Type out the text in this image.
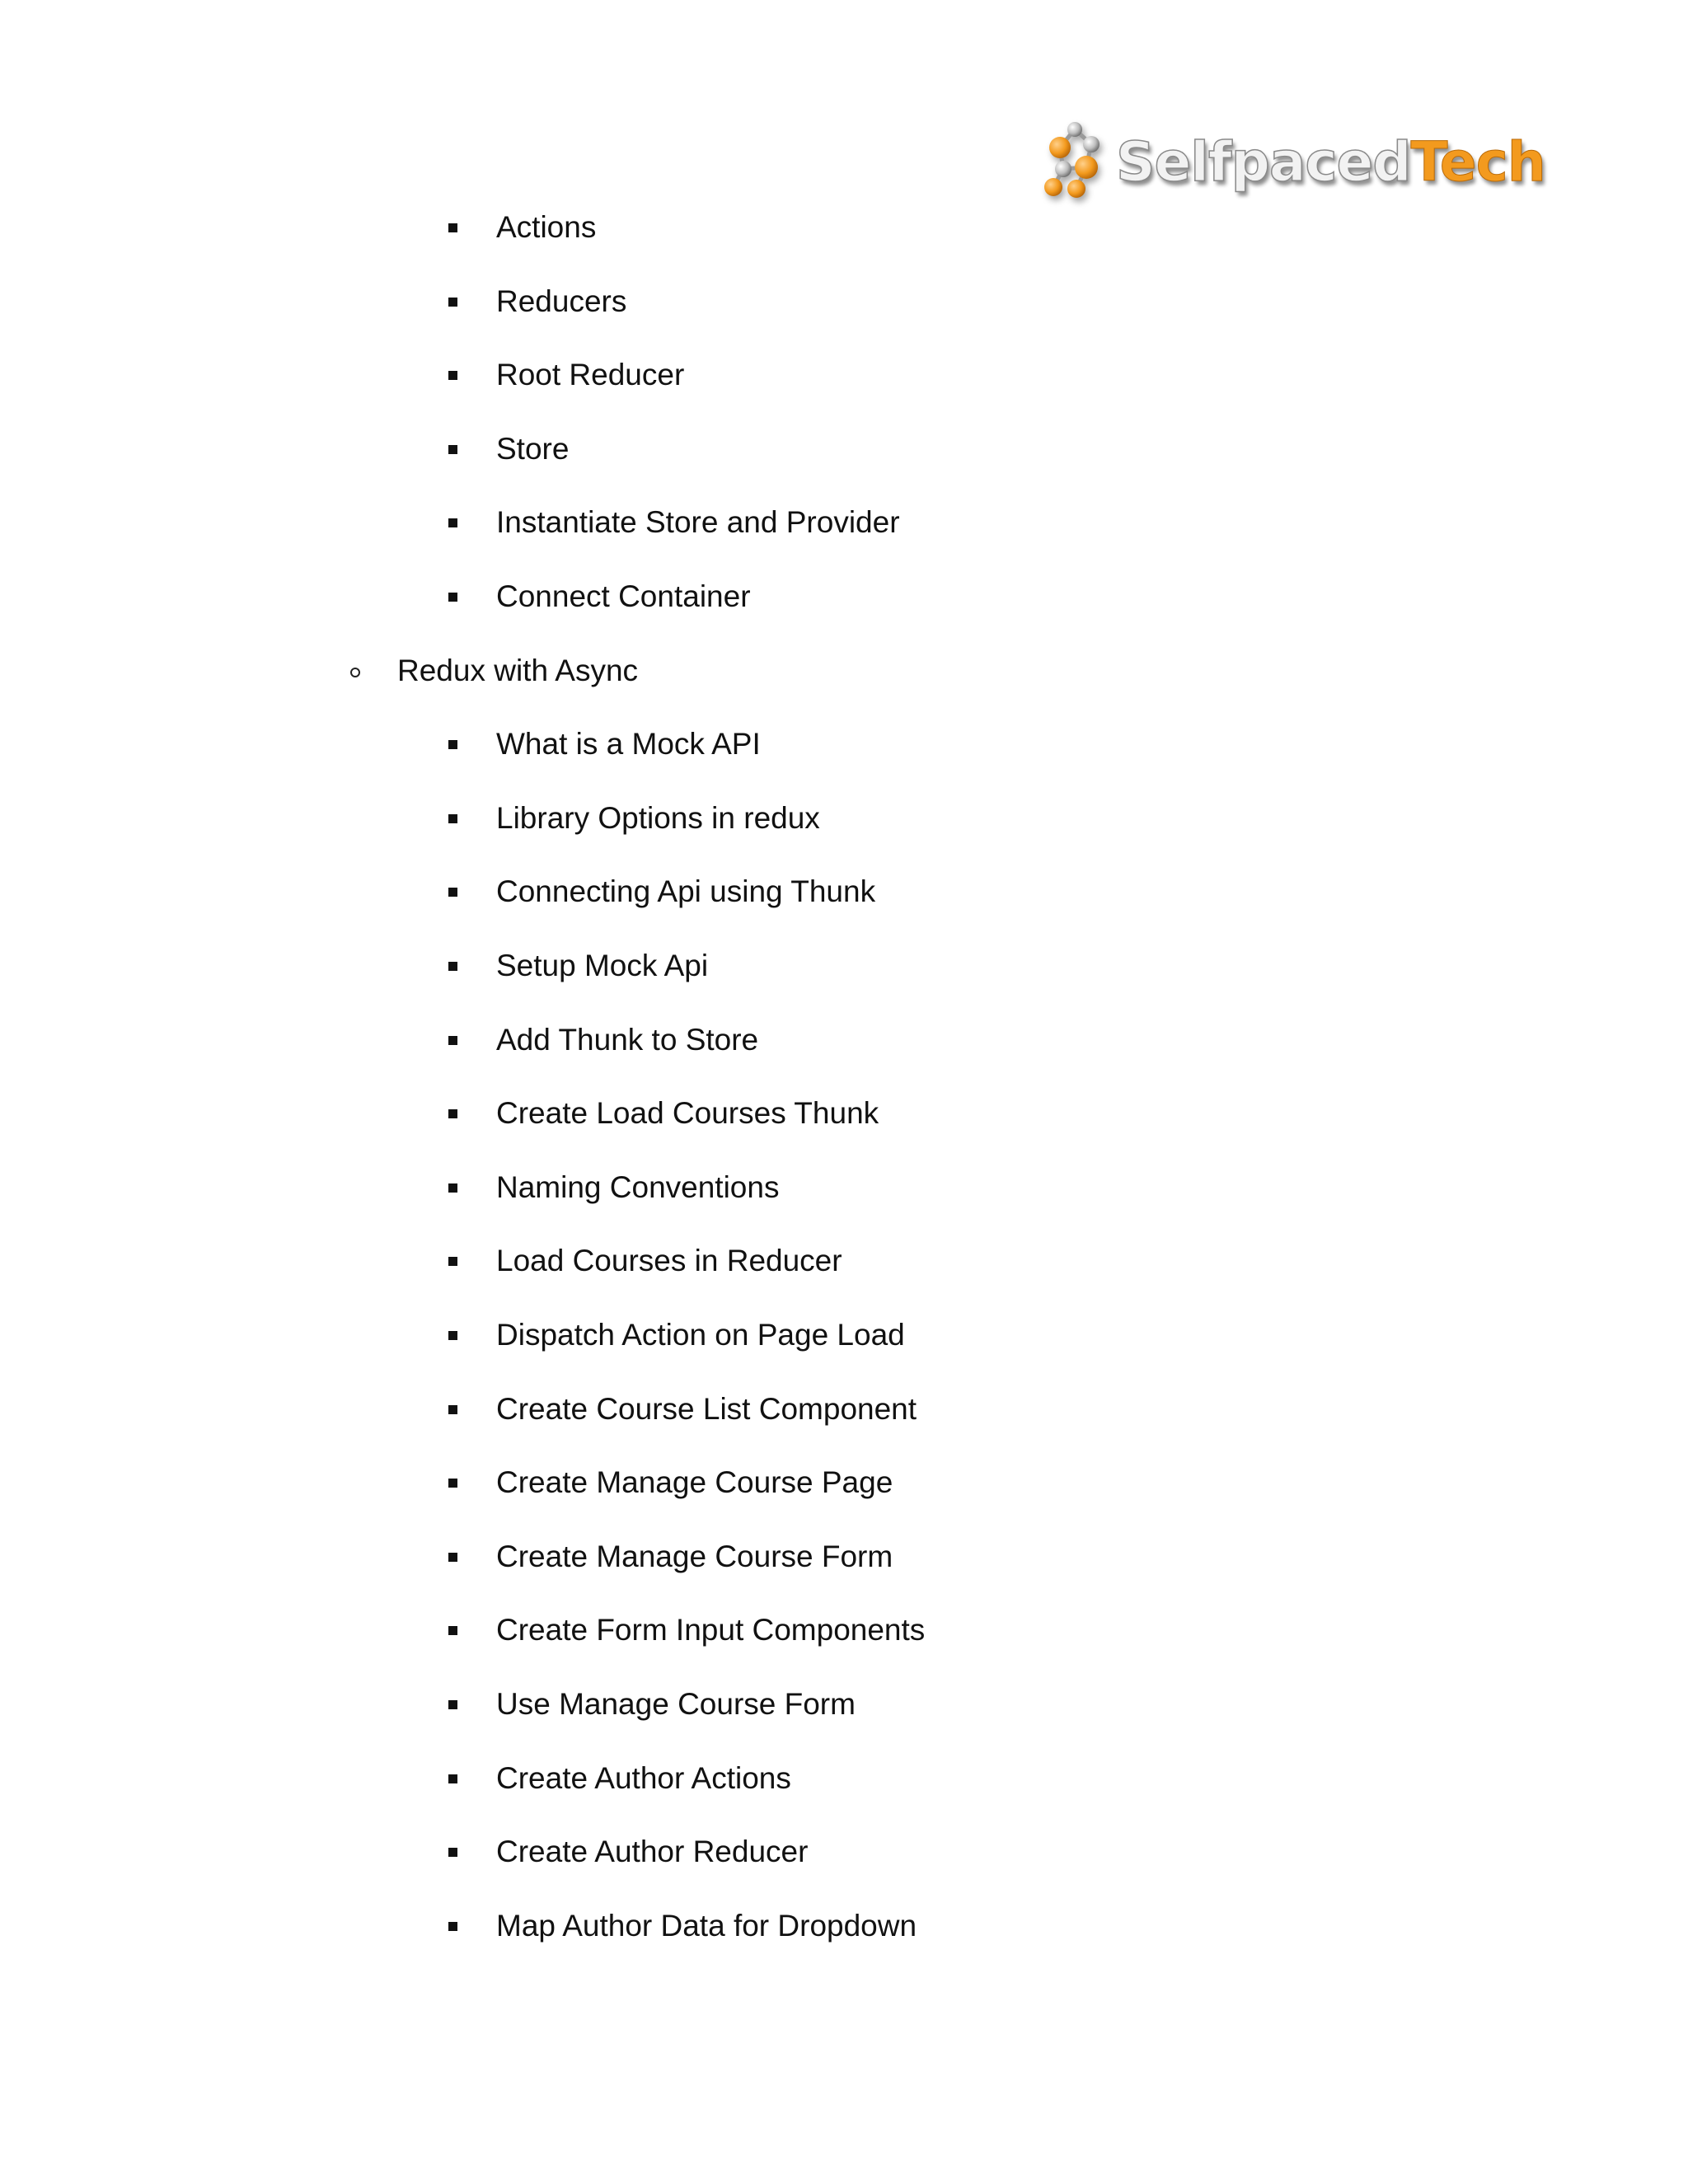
SelfpacedTech
Actions
Reducers
Root Reducer
Store
Instantiate Store and Provider
Connect Container
Redux with Async
What is a Mock API
Library Options in redux
Connecting Api using Thunk
Setup Mock Api
Add Thunk to Store
Create Load Courses Thunk
Naming Conventions
Load Courses in Reducer
Dispatch Action on Page Load
Create Course List Component
Create Manage Course Page
Create Manage Course Form
Create Form Input Components
Use Manage Course Form
Create Author Actions
Create Author Reducer
Map Author Data for Dropdown
